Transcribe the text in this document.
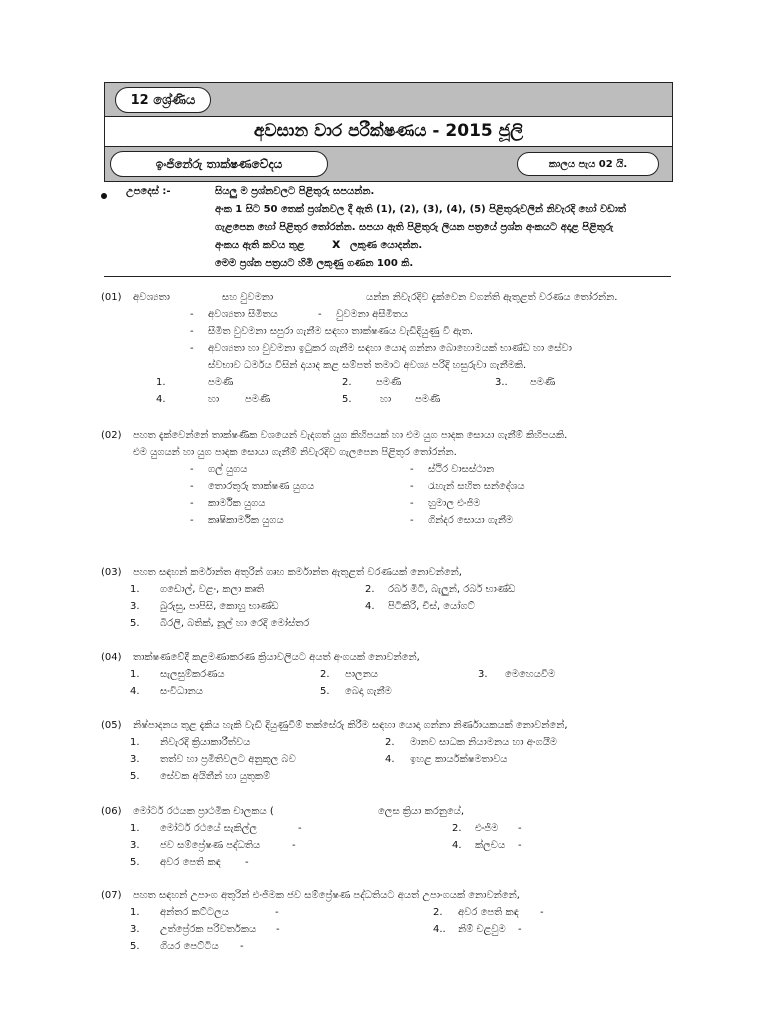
12 ශ්‍රේණිය
අවසාන වාර පරීක්ෂණය - 2015 ජූලි
ඉංජිනේරු තාක්ෂණවේදය	කාලය පැය 02 යි.
උපදෙස් :-	සියලු ම ප්‍රශ්නවලට පිළිතුරු සපයන්න.
අංක 1 සිට 50 තෙක් ප්‍රශ්නවල දී ඇති (1), (2), (3), (4), (5) පිළිතුරුවලින් නිවැරදි හෝ වඩාත්
ගැළපෙන හෝ පිළිතුර තෝරන්න. සපයා ඇති පිළිතුරු ලියන පත්‍රයේ ප්‍රශ්න අංකයට අදාළ පිළිතුරු
අංකය ඇති කවය තුළ x ලකුණ යොදන්න.
මෙම ප්‍රශ්න පත්‍රයට හිමි ලකුණු ගණන 100 කි.
(01) අවශ්‍යතා	සහ වුවමනා	යන්න නිවැරදිව දැක්වෙන වගන්ති ඇතුළත් වරණය තෝරන්න.
- අවශ්‍යතා සීමිතය	- වුවමනා අසීමිතය
- සීමිත වුවමනා සපුරා ගැනීම සඳහා තාක්ෂණය වැඩිදියුණු වී ඇත.
- අවශ්‍යතා හා වුවමනා ඉටුකර ගැනීම සඳහා යොදා ගන්නා බොහොමයක් භාණ්ඩ හා සේවා
ස්වභාව ධර්මය විසින් දායාද කළ සම්පත් තමාට අවශ්‍ය පරිදි හසුරුවා ගැනීමකි.
1.	පමණි	2. පමණි	3.. පමණි
4.	හා	පමණි	5.	හා පමණි
(02) පහත දැක්වෙන්නේ තාක්ෂණික වශයෙන් වැදගත් යුග කිහිපයක් හා එම යුග පාදක සොයා ගැනීම් කිහිපයකි.
එම යුගයන් හා යුග පාදක සොයා ගැනීම් නිවැරදිව ගැලපෙන පිළිතුර තෝරන්න.
- ගල් යුගය	- ස්ථිර වාසස්ථාන
- තොරතුරු තාක්ෂණ යුගය	- රැහැන් සහිත සන්දේශය
- කාර්මික යුගය	- හුමාල එංජිම
- කෘෂිකාර්මික යුගය	- ගින්දර සොයා ගැනීම
(03) පහත සඳහන් කර්මාන්ත අතුරින් ගෘහ කර්මාන්ත ඇතුළත් වරණයක් නොවන්නේ,
1. ගඩොල්, වළං, කලා කෘති	2. රබර් මිටි, බැලුන්, රබර් භාණ්ඩ
3. බුරුසු, පාපිසි, කොහු භාණ්ඩ	4. පිටිකිරි, චීස්, යෝගට්
5. බිරලි, බතික්, නූල් හා රෙදි මෝස්තර
(04) තාක්ෂණවේදී කළමණාකරණ ක්‍රියාවලියට අයත් අංගයක් නොවන්නේ,
1. සැලසුම්කරණය	2. පාලනය	3. මෙහෙයවීම
4. සංවිධානය	5. බෙදා ගැනීම
(05) නිෂ්පාදනය තුළ දැකිය හැකි වැඩි දියුණුවීම් තක්සේරු කිරීම සඳහා යොදා ගන්නා නිර්ණායකයක් නොවන්නේ,
1. නිවැරදි ක්‍රියාකාරීත්වය	2. මානව සාධක නියාමනය හා අංගයීම
3. තත්ව හා ප්‍රමිතිවලට අනුකූල බව	4. ඉහළ කාර්යක්ෂමතාවය
5. සේවක අයිතීන් හා යුතුකම්
(06) මෝටර් රථයක ප්‍රාථමික චාලකය (	ලෙස ක්‍රියා කරනුයේ,
1. මෝටර් රථයේ සැකිල්ල	-	2. එංජිම -
3. ජව සම්ප්‍රේෂණ පද්ධතිය	-	4. ක්ලචය -
5. අවර පෙති කඳ -
(07) පහත සඳහන් උපාංග අතුරින් එංජිමක ජව සම්ප්‍රේෂණ පද්ධතියට අයත් උපාංගයක් නොවන්නේ,
1. අන්තර කට්ටලය	-	2. අවර පෙති කඳ -
3. උත්ප්‍රේරක පරිවර්තකය -	4.. නිම් චළවුම -
5. ගියර පෙට්ටිය -
